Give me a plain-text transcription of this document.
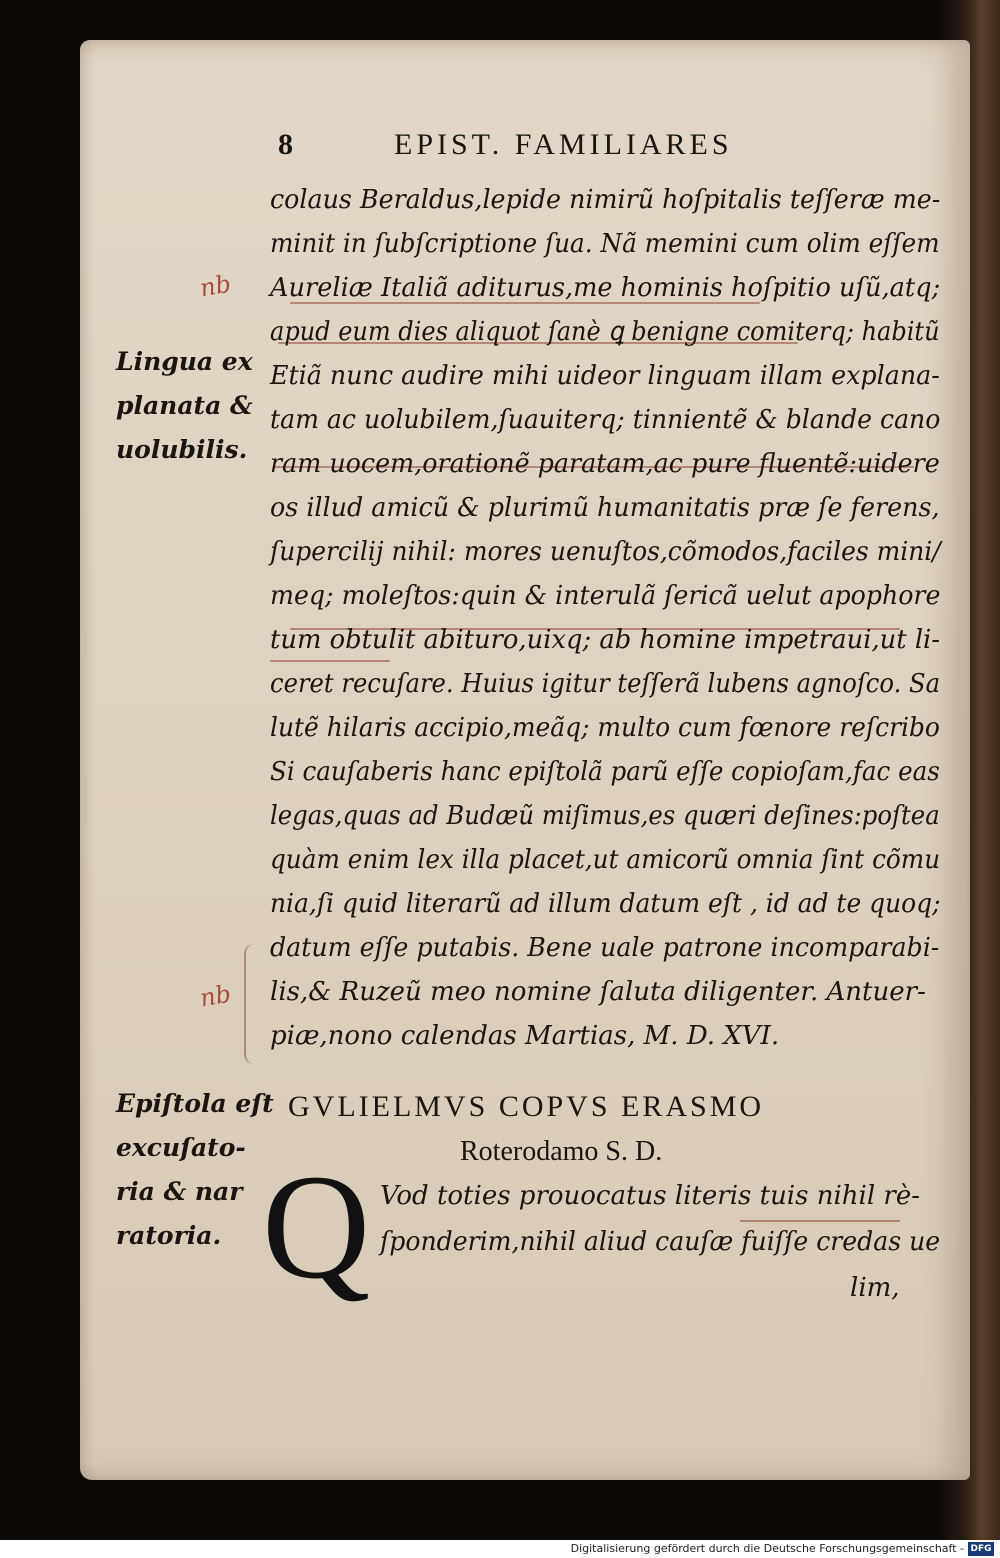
8	EPIST. FAMILIARES
nb
nb
Lingua ex
planata &
uolubilis.
Epiſtola eſt
excuſato-
ria & nar
ratoria.
colaus Beraldus,lepide nimirũ hoſpitalis teſſeræ me-
minit in ſubſcriptione ſua. Nã memini cum olim eſſem
Aureliæ Italiã aditurus,me hominis hoſpitio uſũ,atq;
apud eum dies aliquot ſanè ꝗ benigne comiterq; habitũ
Etiã nunc audire mihi uideor linguam illam explana-
tam ac uolubilem,ſuauiterq; tinnientẽ & blande cano
ram uocem,orationẽ paratam,ac pure fluentẽ:uidere
os illud amicũ & plurimũ humanitatis præ ſe ferens,
ſupercilij nihil: mores uenuſtos,cõmodos,faciles mini/
meq; moleſtos:quin & interulã ſericã uelut apophore
tum obtulit abituro,uixq; ab homine impetraui,ut li-
ceret recuſare. Huius igitur teſſerã lubens agnoſco. Sa
lutẽ hilaris accipio,meãq; multo cum fœnore reſcribo
Si cauſaberis hanc epiſtolã parũ eſſe copioſam,fac eas
legas,quas ad Budæũ miſimus,es quæri deſines:poſtea
quàm enim lex illa placet,ut amicorũ omnia ſint cõmu
nia,ſi quid literarũ ad illum datum eſt , id ad te quoq;
datum eſſe putabis. Bene uale patrone incomparabi-
lis,& Ruzeũ meo nomine ſaluta diligenter. Antuer-
piæ,nono calendas Martias, M. D. XVI.
GVLIELMVS COPVS ERASMO
Roterodamo S. D.
Q Vod toties prouocatus literis tuis nihil rè-
ſponderim,nihil aliud cauſæ fuiſſe credas ue
lim,
Digitalisierung gefördert durch die Deutsche Forschungsgemeinschaft - DFG
